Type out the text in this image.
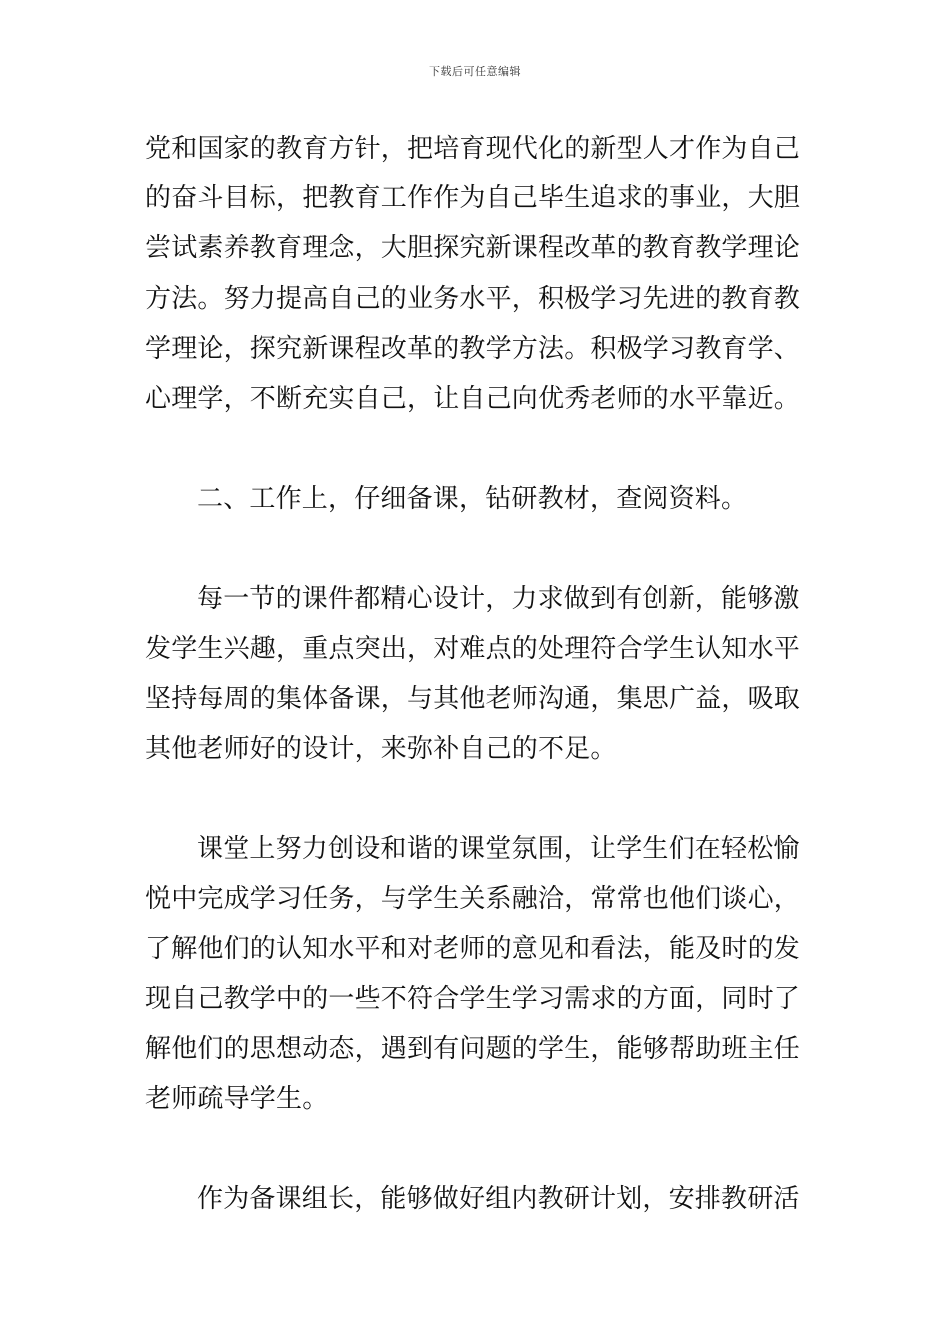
下载后可任意编辑
党和国家的教育方针，把培育现代化的新型人才作为自己
的奋斗目标，把教育工作作为自己毕生追求的事业，大胆
尝试素养教育理念，大胆探究新课程改革的教育教学理论
方法。努力提高自己的业务水平，积极学习先进的教育教
学理论，探究新课程改革的教学方法。积极学习教育学、
心理学，不断充实自己，让自己向优秀老师的水平靠近。
二、工作上，仔细备课，钻研教材，查阅资料。
每一节的课件都精心设计，力求做到有创新，能够激
发学生兴趣，重点突出，对难点的处理符合学生认知水平
坚持每周的集体备课，与其他老师沟通，集思广益，吸取
其他老师好的设计，来弥补自己的不足。
课堂上努力创设和谐的课堂氛围，让学生们在轻松愉
悦中完成学习任务，与学生关系融洽，常常也他们谈心，
了解他们的认知水平和对老师的意见和看法，能及时的发
现自己教学中的一些不符合学生学习需求的方面，同时了
解他们的思想动态，遇到有问题的学生，能够帮助班主任
老师疏导学生。
作为备课组长，能够做好组内教研计划，安排教研活
